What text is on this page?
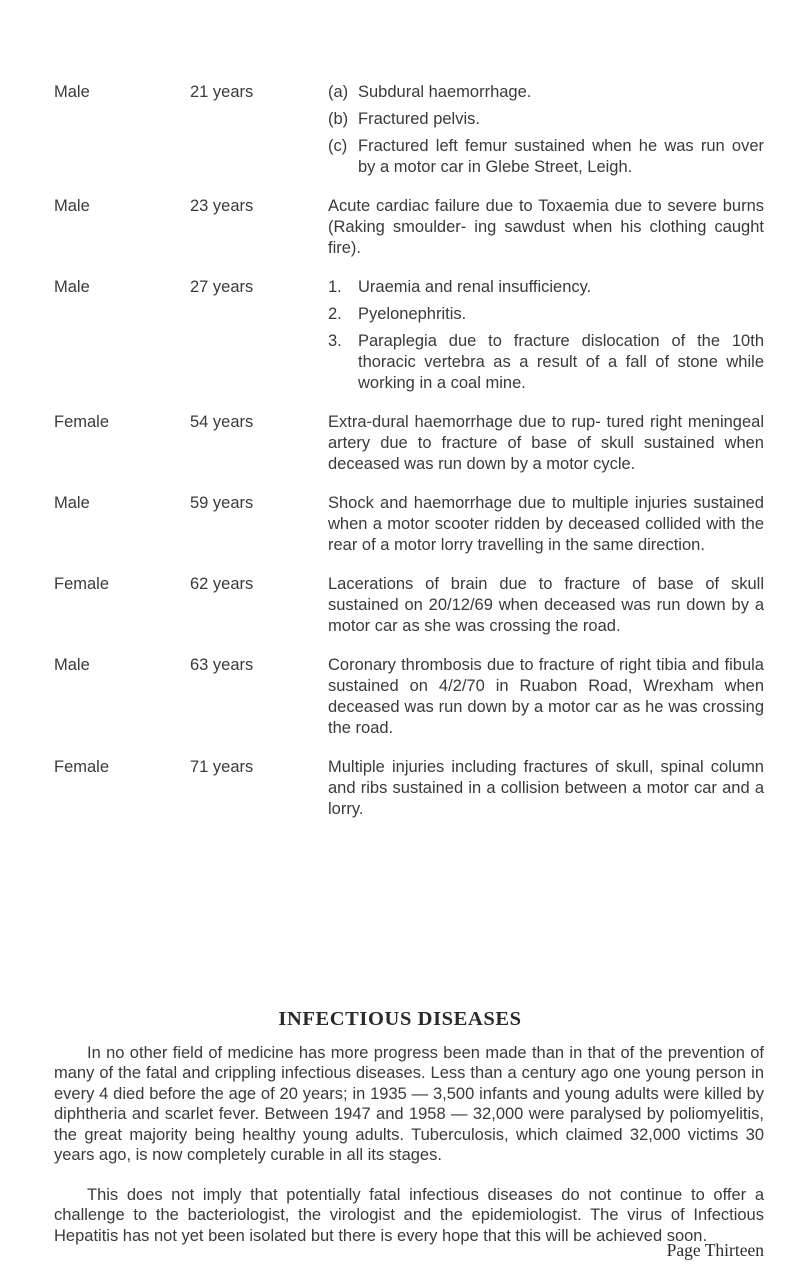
Male	21 years	(a) Subdural haemorrhage.
(b) Fractured pelvis.
(c) Fractured left femur sustained when he was run over by a motor car in Glebe Street, Leigh.
Male	23 years	Acute cardiac failure due to Toxaemia due to severe burns (Raking smoulder- ing sawdust when his clothing caught fire).
Male	27 years	1. Uraemia and renal insufficiency.
2. Pyelonephritis.
3. Paraplegia due to fracture dislocation of the 10th thoracic vertebra as a result of a fall of stone while working in a coal mine.
Female	54 years	Extra-dural haemorrhage due to rup- tured right meningeal artery due to fracture of base of skull sustained when deceased was run down by a motor cycle.
Male	59 years	Shock and haemorrhage due to multiple injuries sustained when a motor scooter ridden by deceased collided with the rear of a motor lorry travelling in the same direction.
Female	62 years	Lacerations of brain due to fracture of base of skull sustained on 20/12/69 when deceased was run down by a motor car as she was crossing the road.
Male	63 years	Coronary thrombosis due to fracture of right tibia and fibula sustained on 4/2/70 in Ruabon Road, Wrexham when deceased was run down by a motor car as he was crossing the road.
Female	71 years	Multiple injuries including fractures of skull, spinal column and ribs sustained in a collision between a motor car and a lorry.
INFECTIOUS DISEASES

In no other field of medicine has more progress been made than in that of the prevention of many of the fatal and crippling infectious diseases. Less than a century ago one young person in every 4 died before the age of 20 years; in 1935 — 3,500 infants and young adults were killed by diphtheria and scarlet fever. Between 1947 and 1958 — 32,000 were paralysed by poliomyelitis, the great majority being healthy young adults. Tuberculosis, which claimed 32,000 victims 30 years ago, is now completely curable in all its stages.

This does not imply that potentially fatal infectious diseases do not continue to offer a challenge to the bacteriologist, the virologist and the epidemiologist. The virus of Infectious Hepatitis has not yet been isolated but there is every hope that this will be achieved soon.

Page Thirteen
